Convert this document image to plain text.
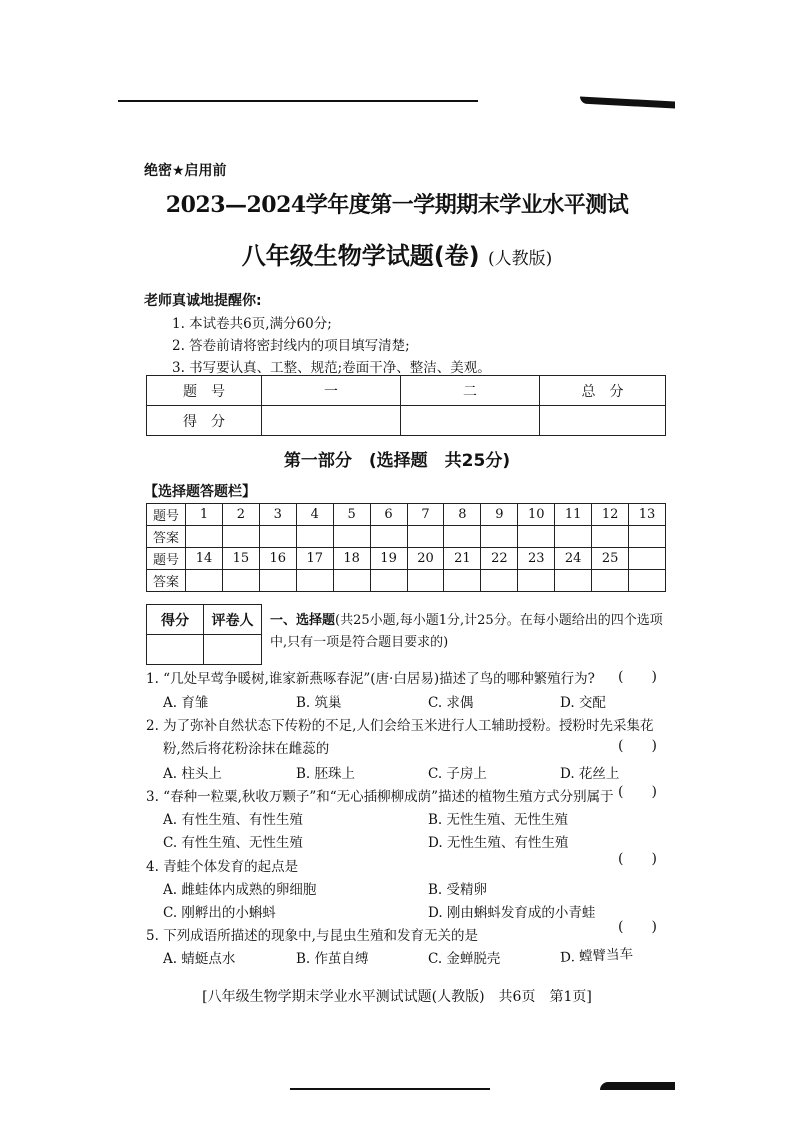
绝密★启用前
2023—2024学年度第一学期期末学业水平测试
八年级生物学试题(卷) (人教版)
老师真诚地提醒你:
1. 本试卷共6页,满分60分;
2. 答卷前请将密封线内的项目填写清楚;
3. 书写要认真、工整、规范;卷面干净、整洁、美观。
题　号	一	二	总　分
得　分			
第一部分　(选择题　共25分)
【选择题答题栏】
题号	1	2	3	4	5	6	7	8	9	10	11	12	13
答案													
题号	14	15	16	17	18	19	20	21	22	23	24	25	
答案													
得分	评卷人
	一、选择题(共25小题,每小题1分,计25分。在每小题给出的四个选项中,只有一项是符合题目要求的)
1. “几处早莺争暖树,谁家新燕啄春泥”(唐·白居易)描述了鸟的哪种繁殖行为? (　　)
A. 育雏	B. 筑巢	C. 求偶	D. 交配
2. 为了弥补自然状态下传粉的不足,人们会给玉米进行人工辅助授粉。授粉时先采集花
粉,然后将花粉涂抹在雌蕊的	(　　)
A. 柱头上	B. 胚珠上	C. 子房上	D. 花丝上
3. “春种一粒粟,秋收万颗子”和“无心插柳柳成荫”描述的植物生殖方式分别属于 (　　)
A. 有性生殖、有性生殖	B. 无性生殖、无性生殖
C. 有性生殖、无性生殖	D. 无性生殖、有性生殖
4. 青蛙个体发育的起点是	(　　)
A. 雌蛙体内成熟的卵细胞	B. 受精卵
C. 刚孵出的小蝌蚪	D. 刚由蝌蚪发育成的小青蛙
5. 下列成语所描述的现象中,与昆虫生殖和发育无关的是
(　　)
A. 蜻蜓点水	B. 作茧自缚	C. 金蝉脱壳	D. 螳臂当车
[八年级生物学期末学业水平测试试题(人教版)　共6页　第1页]
